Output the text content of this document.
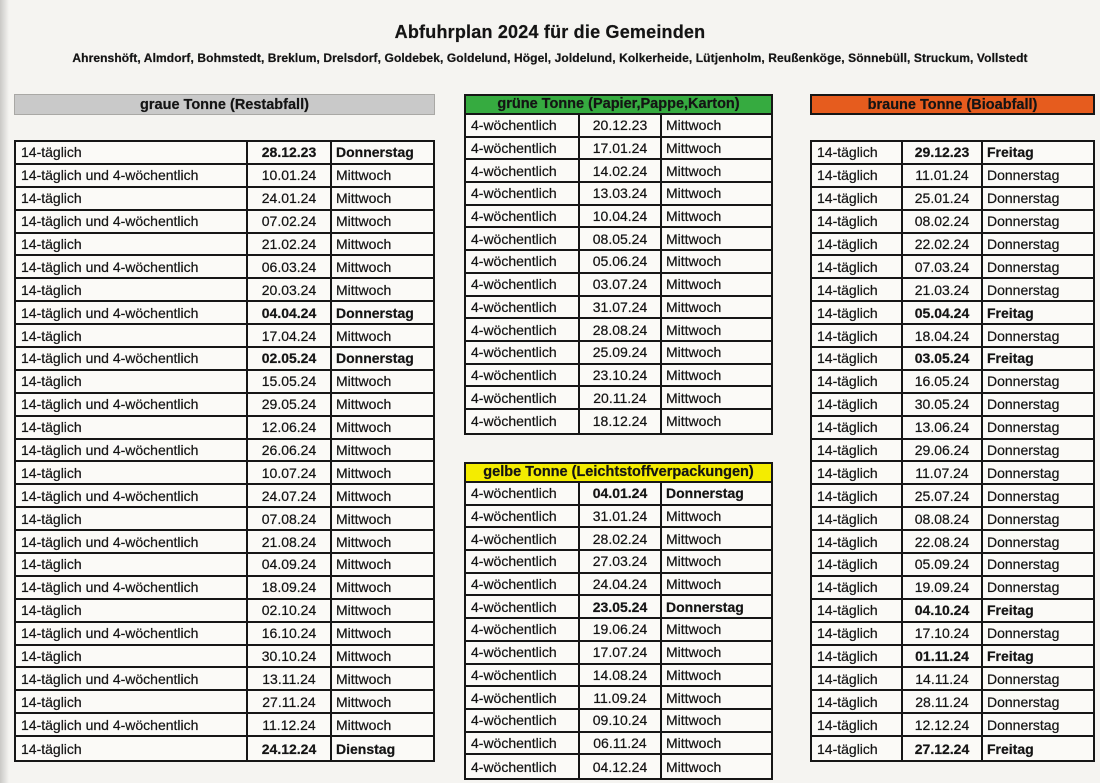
Abfuhrplan 2024 für die Gemeinden
Ahrenshöft, Almdorf, Bohmstedt, Breklum, Drelsdorf, Goldebek, Goldelund, Högel, Joldelund, Kolkerheide, Lütjenholm, Reußenköge, Sönnebüll, Struckum, Vollstedt
graue Tonne (Restabfall)
14-täglich	28.12.23	Donnerstag
14-täglich und 4-wöchentlich	10.01.24	Mittwoch
14-täglich	24.01.24	Mittwoch
14-täglich und 4-wöchentlich	07.02.24	Mittwoch
14-täglich	21.02.24	Mittwoch
14-täglich und 4-wöchentlich	06.03.24	Mittwoch
14-täglich	20.03.24	Mittwoch
14-täglich und 4-wöchentlich	04.04.24	Donnerstag
14-täglich	17.04.24	Mittwoch
14-täglich und 4-wöchentlich	02.05.24	Donnerstag
14-täglich	15.05.24	Mittwoch
14-täglich und 4-wöchentlich	29.05.24	Mittwoch
14-täglich	12.06.24	Mittwoch
14-täglich und 4-wöchentlich	26.06.24	Mittwoch
14-täglich	10.07.24	Mittwoch
14-täglich und 4-wöchentlich	24.07.24	Mittwoch
14-täglich	07.08.24	Mittwoch
14-täglich und 4-wöchentlich	21.08.24	Mittwoch
14-täglich	04.09.24	Mittwoch
14-täglich und 4-wöchentlich	18.09.24	Mittwoch
14-täglich	02.10.24	Mittwoch
14-täglich und 4-wöchentlich	16.10.24	Mittwoch
14-täglich	30.10.24	Mittwoch
14-täglich und 4-wöchentlich	13.11.24	Mittwoch
14-täglich	27.11.24	Mittwoch
14-täglich und 4-wöchentlich	11.12.24	Mittwoch
14-täglich	24.12.24	Dienstag
grüne Tonne (Papier,Pappe,Karton)
4-wöchentlich	20.12.23	Mittwoch
4-wöchentlich	17.01.24	Mittwoch
4-wöchentlich	14.02.24	Mittwoch
4-wöchentlich	13.03.24	Mittwoch
4-wöchentlich	10.04.24	Mittwoch
4-wöchentlich	08.05.24	Mittwoch
4-wöchentlich	05.06.24	Mittwoch
4-wöchentlich	03.07.24	Mittwoch
4-wöchentlich	31.07.24	Mittwoch
4-wöchentlich	28.08.24	Mittwoch
4-wöchentlich	25.09.24	Mittwoch
4-wöchentlich	23.10.24	Mittwoch
4-wöchentlich	20.11.24	Mittwoch
4-wöchentlich	18.12.24	Mittwoch
gelbe Tonne (Leichtstoffverpackungen)
4-wöchentlich	04.01.24	Donnerstag
4-wöchentlich	31.01.24	Mittwoch
4-wöchentlich	28.02.24	Mittwoch
4-wöchentlich	27.03.24	Mittwoch
4-wöchentlich	24.04.24	Mittwoch
4-wöchentlich	23.05.24	Donnerstag
4-wöchentlich	19.06.24	Mittwoch
4-wöchentlich	17.07.24	Mittwoch
4-wöchentlich	14.08.24	Mittwoch
4-wöchentlich	11.09.24	Mittwoch
4-wöchentlich	09.10.24	Mittwoch
4-wöchentlich	06.11.24	Mittwoch
4-wöchentlich	04.12.24	Mittwoch
braune Tonne (Bioabfall)
14-täglich	29.12.23	Freitag
14-täglich	11.01.24	Donnerstag
14-täglich	25.01.24	Donnerstag
14-täglich	08.02.24	Donnerstag
14-täglich	22.02.24	Donnerstag
14-täglich	07.03.24	Donnerstag
14-täglich	21.03.24	Donnerstag
14-täglich	05.04.24	Freitag
14-täglich	18.04.24	Donnerstag
14-täglich	03.05.24	Freitag
14-täglich	16.05.24	Donnerstag
14-täglich	30.05.24	Donnerstag
14-täglich	13.06.24	Donnerstag
14-täglich	29.06.24	Donnerstag
14-täglich	11.07.24	Donnerstag
14-täglich	25.07.24	Donnerstag
14-täglich	08.08.24	Donnerstag
14-täglich	22.08.24	Donnerstag
14-täglich	05.09.24	Donnerstag
14-täglich	19.09.24	Donnerstag
14-täglich	04.10.24	Freitag
14-täglich	17.10.24	Donnerstag
14-täglich	01.11.24	Freitag
14-täglich	14.11.24	Donnerstag
14-täglich	28.11.24	Donnerstag
14-täglich	12.12.24	Donnerstag
14-täglich	27.12.24	Freitag
